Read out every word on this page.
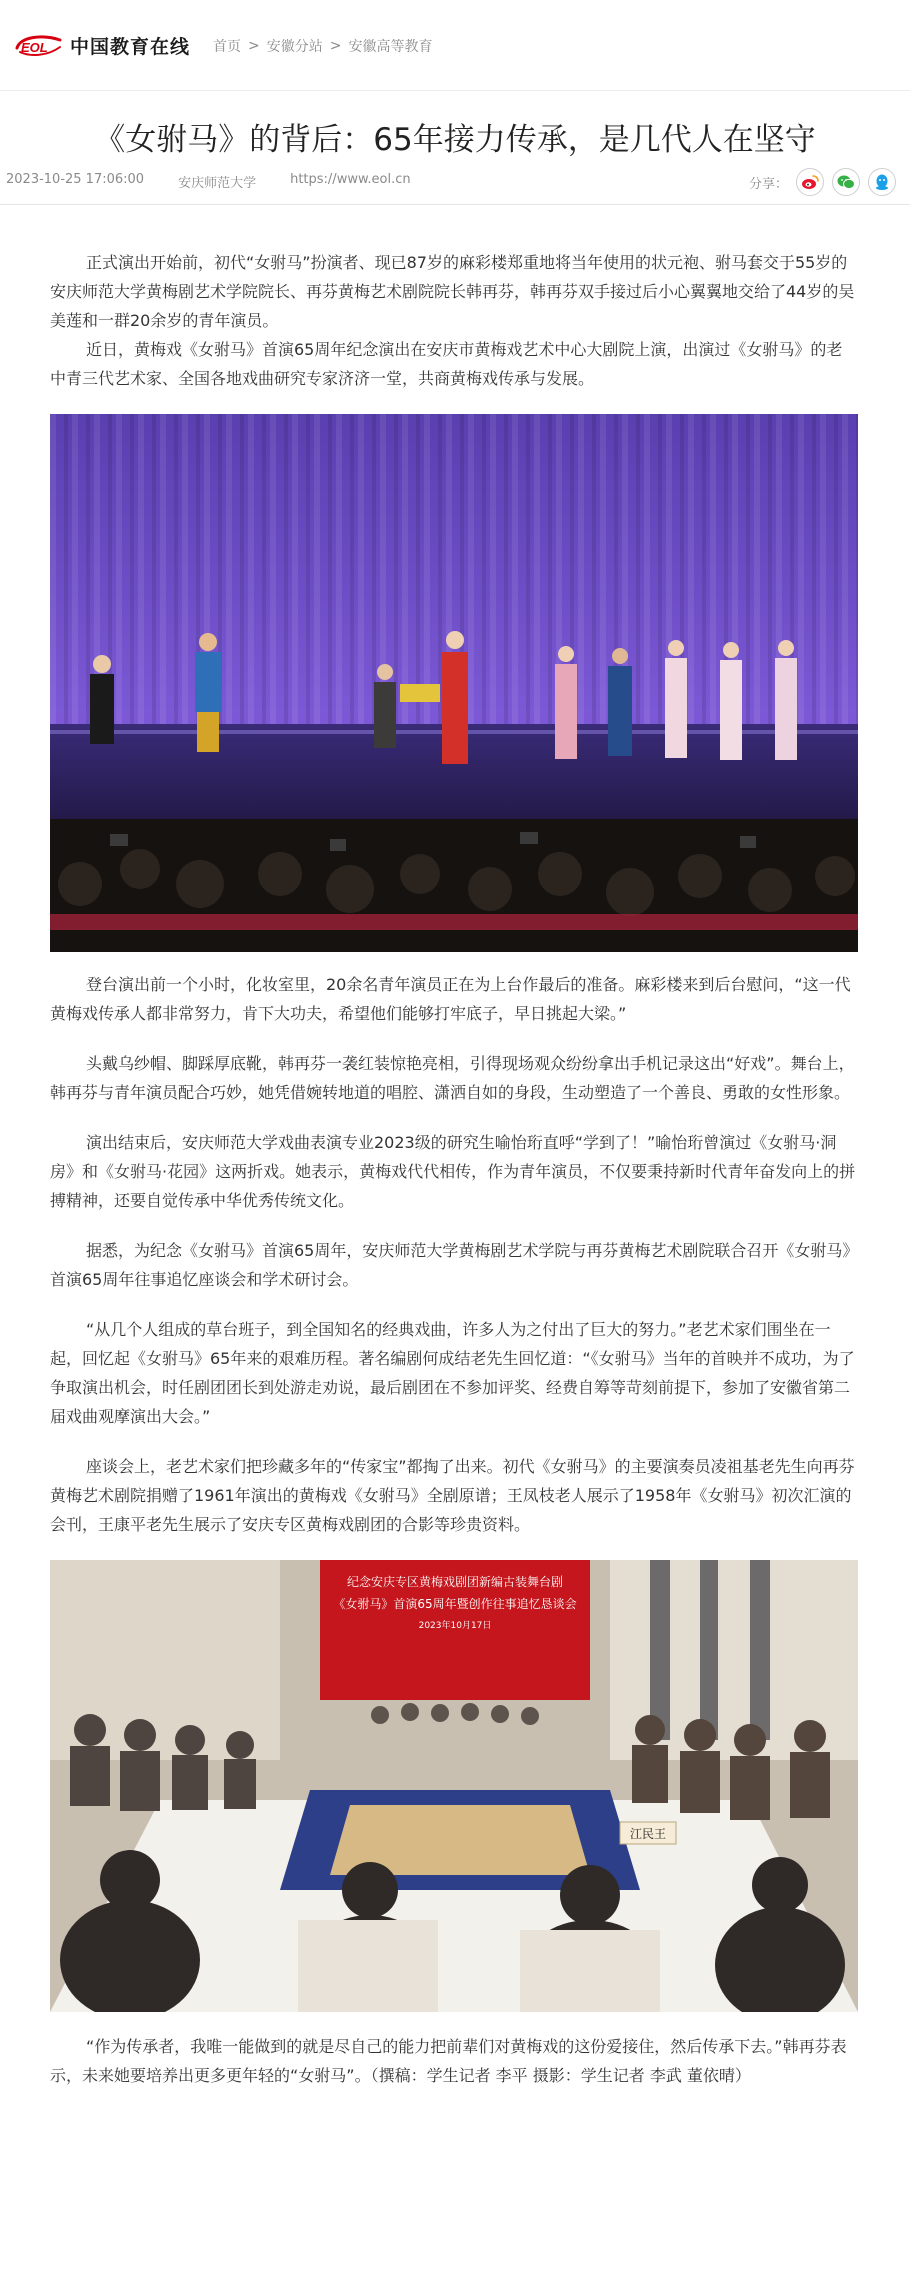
EOL 中国教育在线 首页 > 安徽分站 > 安徽高等教育
《女驸马》的背后：65年接力传承，是几代人在坚守
2023-10-25 17:06:00	安庆师范大学	https://www.eol.cn	分享：

正式演出开始前，初代“女驸马”扮演者、现已87岁的麻彩楼郑重地将当年使用的状元袍、驸马套交于55岁的安庆师范大学黄梅剧艺术学院院长、再芬黄梅艺术剧院院长韩再芬，韩再芬双手接过后小心翼翼地交给了44岁的吴美莲和一群20余岁的青年演员。

近日，黄梅戏《女驸马》首演65周年纪念演出在安庆市黄梅戏艺术中心大剧院上演，出演过《女驸马》的老中青三代艺术家、全国各地戏曲研究专家济济一堂，共商黄梅戏传承与发展。

登台演出前一个小时，化妆室里，20余名青年演员正在为上台作最后的准备。麻彩楼来到后台慰问，“这一代黄梅戏传承人都非常努力，肯下大功夫，希望他们能够打牢底子，早日挑起大梁。”

头戴乌纱帽、脚踩厚底靴，韩再芬一袭红装惊艳亮相，引得现场观众纷纷拿出手机记录这出“好戏”。舞台上，韩再芬与青年演员配合巧妙，她凭借婉转地道的唱腔、潇洒自如的身段，生动塑造了一个善良、勇敢的女性形象。

演出结束后，安庆师范大学戏曲表演专业2023级的研究生喻怡珩直呼“学到了！”喻怡珩曾演过《女驸马·洞房》和《女驸马·花园》这两折戏。她表示，黄梅戏代代相传，作为青年演员，不仅要秉持新时代青年奋发向上的拼搏精神，还要自觉传承中华优秀传统文化。

据悉，为纪念《女驸马》首演65周年，安庆师范大学黄梅剧艺术学院与再芬黄梅艺术剧院联合召开《女驸马》首演65周年往事追忆座谈会和学术研讨会。

“从几个人组成的草台班子，到全国知名的经典戏曲，许多人为之付出了巨大的努力。”老艺术家们围坐在一起，回忆起《女驸马》65年来的艰难历程。著名编剧何成结老先生回忆道：“《女驸马》当年的首映并不成功，为了争取演出机会，时任剧团团长到处游走劝说，最后剧团在不参加评奖、经费自筹等苛刻前提下，参加了安徽省第二届戏曲观摩演出大会。”

座谈会上，老艺术家们把珍藏多年的“传家宝”都掏了出来。初代《女驸马》的主要演奏员凌祖基老先生向再芬黄梅艺术剧院捐赠了1961年演出的黄梅戏《女驸马》全剧原谱；王凤枝老人展示了1958年《女驸马》初次汇演的会刊，王康平老先生展示了安庆专区黄梅戏剧团的合影等珍贵资料。

纪念安庆专区黄梅戏剧团新编古装舞台剧
《女驸马》首演65周年暨创作往事追忆恳谈会
2023年10月17日
江民王

“作为传承者，我唯一能做到的就是尽自己的能力把前辈们对黄梅戏的这份爱接住，然后传承下去。”韩再芬表示，未来她要培养出更多更年轻的“女驸马”。（撰稿：学生记者 李平 摄影：学生记者 李武 董依晴）
